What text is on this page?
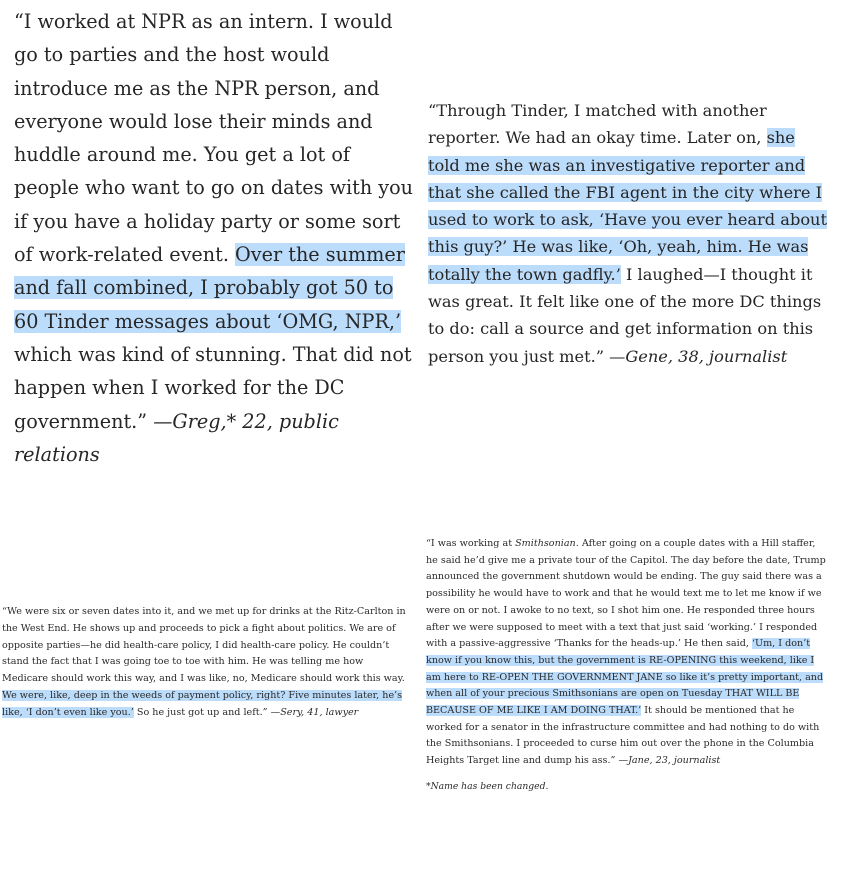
“I worked at NPR as an intern. I would go to parties and the host would introduce me as the NPR person, and everyone would lose their minds and huddle around me. You get a lot of people who want to go on dates with you if you have a holiday party or some sort of work-related event. Over the summer and fall combined, I probably got 50 to 60 Tinder messages about ‘OMG, NPR,’ which was kind of stunning. That did not happen when I worked for the DC government.” —Greg,* 22, public relations

“Through Tinder, I matched with another reporter. We had an okay time. Later on, she told me she was an investigative reporter and that she called the FBI agent in the city where I used to work to ask, ‘Have you ever heard about this guy?’ He was like, ‘Oh, yeah, him. He was totally the town gadfly.’ I laughed—I thought it was great. It felt like one of the more DC things to do: call a source and get information on this person you just met.” —Gene, 38, journalist

“We were six or seven dates into it, and we met up for drinks at the Ritz-Carlton in the West End. He shows up and proceeds to pick a fight about politics. We are of opposite parties—he did health-care policy, I did health-care policy. He couldn’t stand the fact that I was going toe to toe with him. He was telling me how Medicare should work this way, and I was like, no, Medicare should work this way. We were, like, deep in the weeds of payment policy, right? Five minutes later, he’s like, ‘I don’t even like you.’ So he just got up and left.” —Sery, 41, lawyer

“I was working at Smithsonian. After going on a couple dates with a Hill staffer, he said he’d give me a private tour of the Capitol. The day before the date, Trump announced the government shutdown would be ending. The guy said there was a possibility he would have to work and that he would text me to let me know if we were on or not. I awoke to no text, so I shot him one. He responded three hours after we were supposed to meet with a text that just said ‘working.’ I responded with a passive-aggressive ‘Thanks for the heads-up.’ He then said, ‘Um, I don’t know if you know this, but the government is RE-OPENING this weekend, like I am here to RE-OPEN THE GOVERNMENT JANE so like it’s pretty important, and when all of your precious Smithsonians are open on Tuesday THAT WILL BE BECAUSE OF ME LIKE I AM DOING THAT.’ It should be mentioned that he worked for a senator in the infrastructure committee and had nothing to do with the Smithsonians. I proceeded to curse him out over the phone in the Columbia Heights Target line and dump his ass.” —Jane, 23, journalist

*Name has been changed.
